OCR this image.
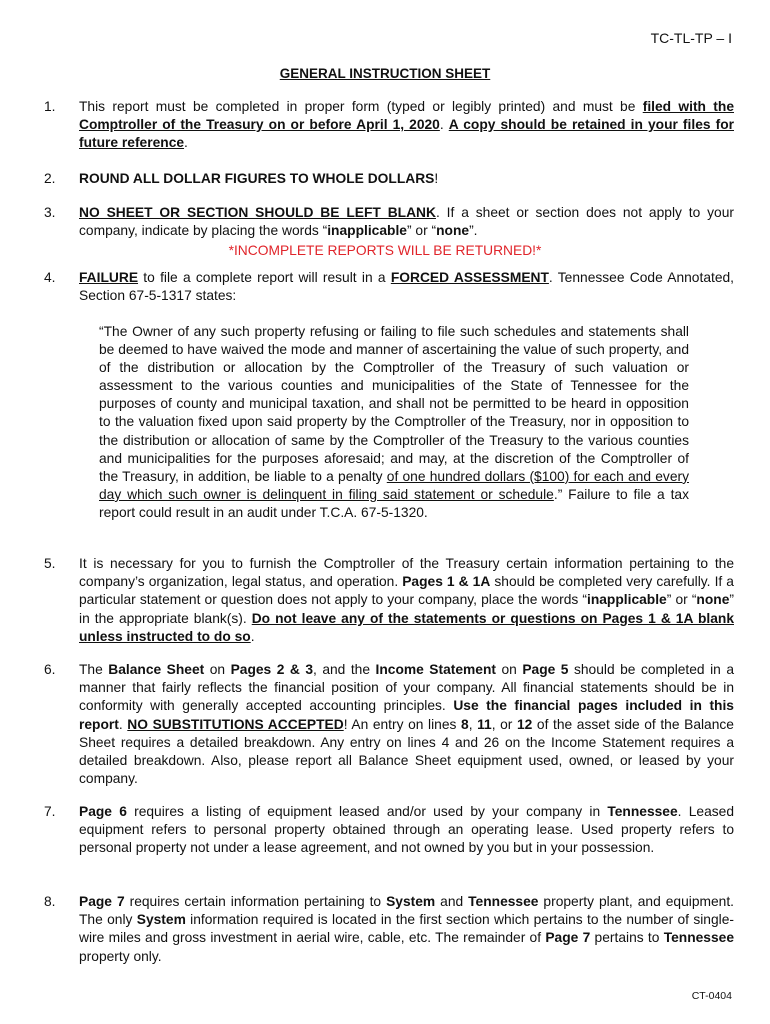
TC-TL-TP – I
GENERAL INSTRUCTION SHEET
1.	This report must be completed in proper form (typed or legibly printed) and must be filed with the Comptroller of the Treasury on or before April 1, 2020. A copy should be retained in your files for future reference.
2.	ROUND ALL DOLLAR FIGURES TO WHOLE DOLLARS!
3.	NO SHEET OR SECTION SHOULD BE LEFT BLANK. If a sheet or section does not apply to your company, indicate by placing the words “inapplicable” or “none”.
*INCOMPLETE REPORTS WILL BE RETURNED!*
4.	FAILURE to file a complete report will result in a FORCED ASSESSMENT. Tennessee Code Annotated, Section 67-5-1317 states:
“The Owner of any such property refusing or failing to file such schedules and statements shall be deemed to have waived the mode and manner of ascertaining the value of such property, and of the distribution or allocation by the Comptroller of the Treasury of such valuation or assessment to the various counties and municipalities of the State of Tennessee for the purposes of county and municipal taxation, and shall not be permitted to be heard in opposition to the valuation fixed upon said property by the Comptroller of the Treasury, nor in opposition to the distribution or allocation of same by the Comptroller of the Treasury to the various counties and municipalities for the purposes aforesaid; and may, at the discretion of the Comptroller of the Treasury, in addition, be liable to a penalty of one hundred dollars ($100) for each and every day which such owner is delinquent in filing said statement or schedule.” Failure to file a tax report could result in an audit under T.C.A. 67-5-1320.
5.	It is necessary for you to furnish the Comptroller of the Treasury certain information pertaining to the company’s organization, legal status, and operation. Pages 1 & 1A should be completed very carefully. If a particular statement or question does not apply to your company, place the words “inapplicable” or “none” in the appropriate blank(s). Do not leave any of the statements or questions on Pages 1 & 1A blank unless instructed to do so.
6.	The Balance Sheet on Pages 2 & 3, and the Income Statement on Page 5 should be completed in a manner that fairly reflects the financial position of your company. All financial statements should be in conformity with generally accepted accounting principles. Use the financial pages included in this report. NO SUBSTITUTIONS ACCEPTED! An entry on lines 8, 11, or 12 of the asset side of the Balance Sheet requires a detailed breakdown. Any entry on lines 4 and 26 on the Income Statement requires a detailed breakdown. Also, please report all Balance Sheet equipment used, owned, or leased by your company.
7.	Page 6 requires a listing of equipment leased and/or used by your company in Tennessee. Leased equipment refers to personal property obtained through an operating lease. Used property refers to personal property not under a lease agreement, and not owned by you but in your possession.
8.	Page 7 requires certain information pertaining to System and Tennessee property plant, and equipment. The only System information required is located in the first section which pertains to the number of single-wire miles and gross investment in aerial wire, cable, etc. The remainder of Page 7 pertains to Tennessee property only.
CT-0404
